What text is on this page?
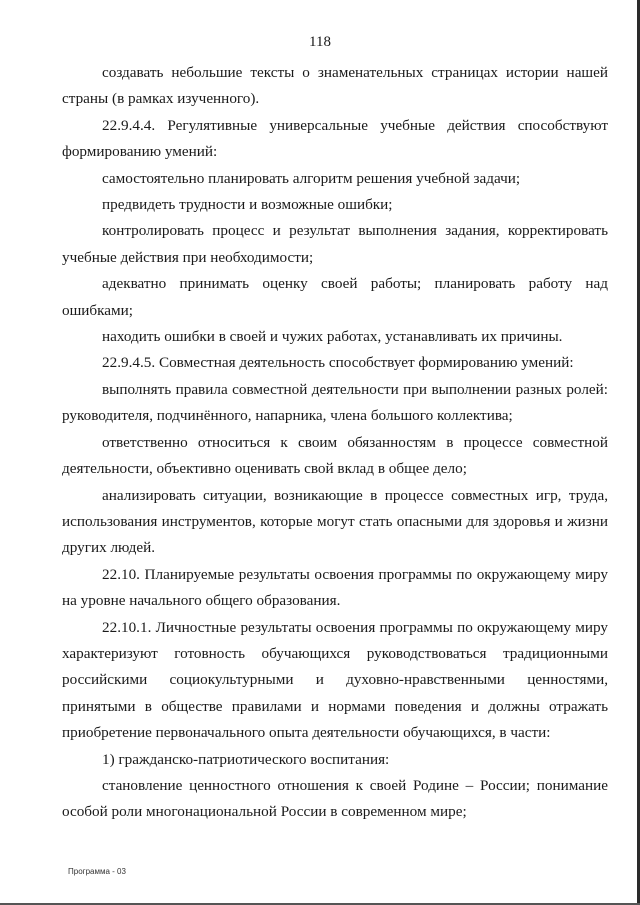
118

создавать небольшие тексты о знаменательных страницах истории нашей страны (в рамках изученного).

22.9.4.4. Регулятивные универсальные учебные действия способствуют формированию умений:

самостоятельно планировать алгоритм решения учебной задачи;

предвидеть трудности и возможные ошибки;

контролировать процесс и результат выполнения задания, корректировать учебные действия при необходимости;

адекватно принимать оценку своей работы; планировать работу над ошибками;

находить ошибки в своей и чужих работах, устанавливать их причины.

22.9.4.5. Совместная деятельность способствует формированию умений:

выполнять правила совместной деятельности при выполнении разных ролей: руководителя, подчинённого, напарника, члена большого коллектива;

ответственно относиться к своим обязанностям в процессе совместной деятельности, объективно оценивать свой вклад в общее дело;

анализировать ситуации, возникающие в процессе совместных игр, труда, использования инструментов, которые могут стать опасными для здоровья и жизни других людей.

22.10. Планируемые результаты освоения программы по окружающему миру на уровне начального общего образования.

22.10.1. Личностные результаты освоения программы по окружающему миру характеризуют готовность обучающихся руководствоваться традиционными российскими социокультурными и духовно-нравственными ценностями, принятыми в обществе правилами и нормами поведения и должны отражать приобретение первоначального опыта деятельности обучающихся, в части:

1) гражданско-патриотического воспитания:

становление ценностного отношения к своей Родине – России; понимание особой роли многонациональной России в современном мире;

Программа - 03
